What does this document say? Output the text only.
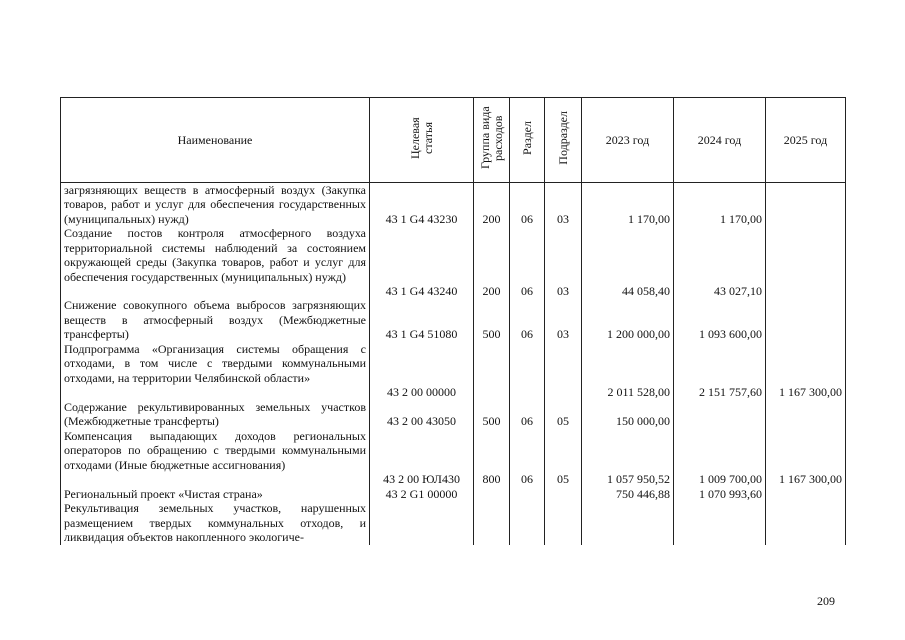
Наименование	Целевая статья	Группа вида расходов	Раздел	Подраздел	2023 год	2024 год	2025 год
загрязняющих веществ в атмосферный воздух (Закупка товаров, работ и услуг для обеспечения государственных (муниципальных) нужд)	43 1 G4 43230	200	06	03	1 170,00	1 170,00	
Создание постов контроля атмосферного воздуха территориальной системы наблюдений за состоянием окружающей среды (Закупка товаров, работ и услуг для обеспечения государственных (муниципальных) нужд)	43 1 G4 43240	200	06	03	44 058,40	43 027,10	
Снижение совокупного объема выбросов загрязняющих веществ в атмосферный воздух (Межбюджетные трансферты)	43 1 G4 51080	500	06	03	1 200 000,00	1 093 600,00	
Подпрограмма «Организация системы обращения с отходами, в том числе с твердыми коммунальными отходами, на территории Челябинской области»	43 2 00 00000				2 011 528,00	2 151 757,60	1 167 300,00
Содержание рекультивированных земельных участков (Межбюджетные трансферты)	43 2 00 43050	500	06	05	150 000,00		
Компенсация выпадающих доходов региональных операторов по обращению с твердыми коммунальными отходами (Иные бюджетные ассигнования)	43 2 00 ЮЛ430	800	06	05	1 057 950,52	1 009 700,00	1 167 300,00
Региональный проект «Чистая страна»	43 2 G1 00000				750 446,88	1 070 993,60	
Рекультивация земельных участков, нарушенных размещением твердых коммунальных отходов, и ликвидация объектов накопленного экологиче-							
209
